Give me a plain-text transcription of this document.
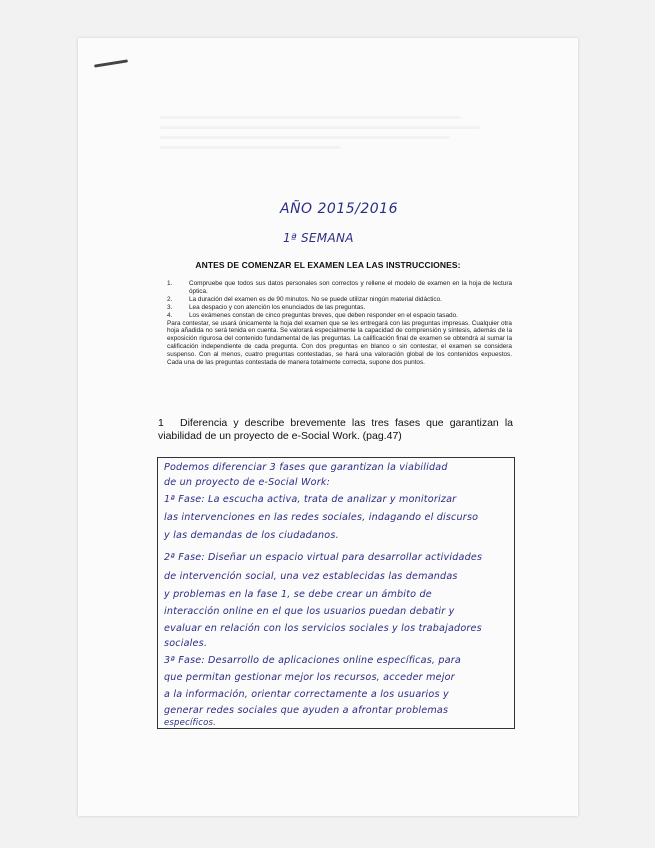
AÑO 2015/2016
1ª SEMANA
ANTES DE COMENZAR EL EXAMEN LEA LAS INSTRUCCIONES:
1.	Compruebe que todos sus datos personales son correctos y rellene el modelo de examen en la hoja de lectura óptica.
2.	La duración del examen es de 90 minutos. No se puede utilizar ningún material didáctico.
3.	Lea despacio y con atención los enunciados de las preguntas.
4.	Los exámenes constan de cinco preguntas breves, que deben responder en el espacio tasado.
Para contestar, se usará únicamente la hoja del examen que se les entregará con las preguntas impresas. Cualquier otra hoja añadida no será tenida en cuenta. Se valorará especialmente la capacidad de comprensión y síntesis, además de la exposición rigurosa del contenido fundamental de las preguntas. La calificación final de examen se obtendrá al sumar la calificación independiente de cada pregunta. Con dos preguntas en blanco o sin contestar, el examen se considera suspenso. Con al menos, cuatro preguntas contestadas, se hará una valoración global de los contenidos expuestos. Cada una de las preguntas contestada de manera totalmente correcta, supone dos puntos.
1 Diferencia y describe brevemente las tres fases que garantizan la viabilidad de un proyecto de e-Social Work. (pag.47)
Podemos diferenciar 3 fases que garantizan la viabilidad
de un proyecto de e-Social Work:
1ª Fase: La escucha activa, trata de analizar y monitorizar
las intervenciones en las redes sociales, indagando el discurso
y las demandas de los ciudadanos.
2ª Fase: Diseñar un espacio virtual para desarrollar actividades
de intervención social, una vez establecidas las demandas
y problemas en la fase 1, se debe crear un ámbito de
interacción online en el que los usuarios puedan debatir y
evaluar en relación con los servicios sociales y los trabajadores
sociales.
3ª Fase: Desarrollo de aplicaciones online específicas, para
que permitan gestionar mejor los recursos, acceder mejor
a la información, orientar correctamente a los usuarios y
generar redes sociales que ayuden a afrontar problemas
específicos.
